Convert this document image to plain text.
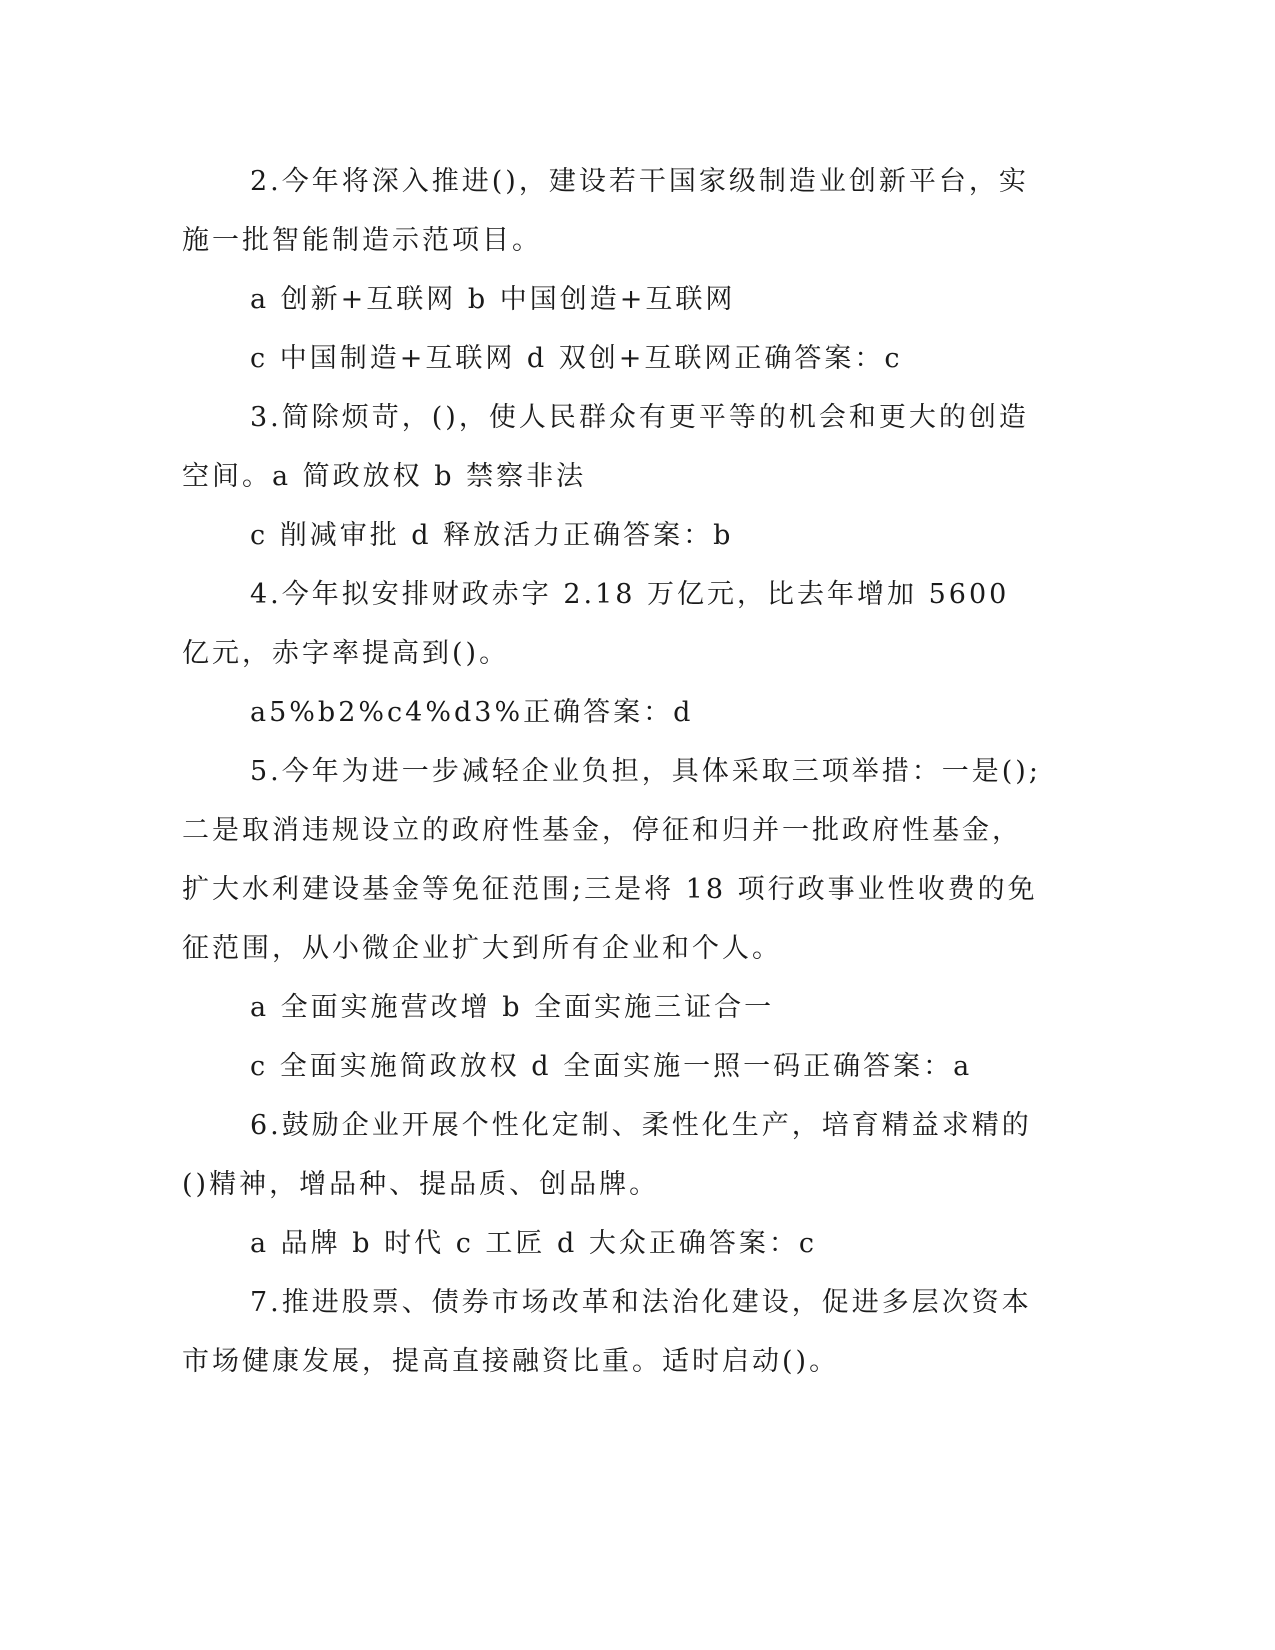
2.今年将深入推进()，建设若干国家级制造业创新平台，实施一批智能制造示范项目。

a 创新+互联网 b 中国创造+互联网

c 中国制造+互联网 d 双创+互联网正确答案：c

3.简除烦苛，()，使人民群众有更平等的机会和更大的创造空间。a 简政放权 b 禁察非法

c 削减审批 d 释放活力正确答案：b

4.今年拟安排财政赤字 2.18 万亿元，比去年增加 5600 亿元，赤字率提高到()。

a5%b2%c4%d3%正确答案：d

5.今年为进一步减轻企业负担，具体采取三项举措：一是();二是取消违规设立的政府性基金，停征和归并一批政府性基金，扩大水利建设基金等免征范围;三是将 18 项行政事业性收费的免征范围，从小微企业扩大到所有企业和个人。

a 全面实施营改增 b 全面实施三证合一

c 全面实施简政放权 d 全面实施一照一码正确答案：a

6.鼓励企业开展个性化定制、柔性化生产，培育精益求精的()精神，增品种、提品质、创品牌。

a 品牌 b 时代 c 工匠 d 大众正确答案：c

7.推进股票、债券市场改革和法治化建设，促进多层次资本市场健康发展，提高直接融资比重。适时启动()。
